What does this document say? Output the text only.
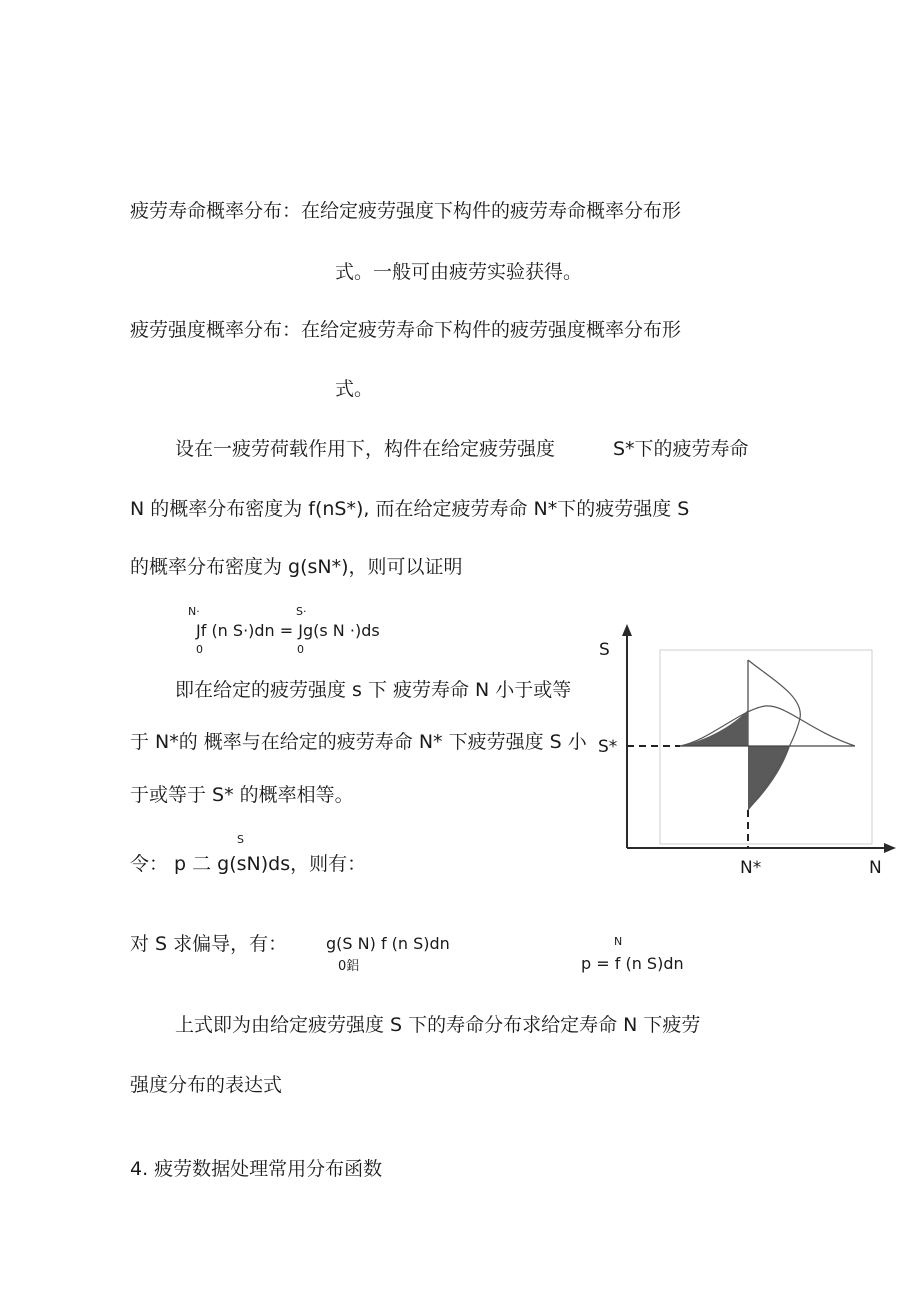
疲劳寿命概率分布：在给定疲劳强度下构件的疲劳寿命概率分布形
式。一般可由疲劳实验获得。
疲劳强度概率分布：在给定疲劳寿命下构件的疲劳强度概率分布形
式。
设在一疲劳荷载作用下，构件在给定疲劳强度	S*下的疲劳寿命
N 的概率分布密度为 f(nS*), 而在给定疲劳寿命 N*下的疲劳强度 S
的概率分布密度为 g(sN*)，则可以证明
N·	S·
Jf (n S·)dn = Jg(s N ·)ds
0	0
即在给定的疲劳强度 s 下 疲劳寿命 N 小于或等
于 N*的 概率与在给定的疲劳寿命 N* 下疲劳强度 S 小
于或等于 S* 的概率相等。
S
令： p 二 g(sN)ds，则有：
对 S 求偏导，有： g(S N) f (n S)dn
0鋁
N
p = f (n S)dn
上式即为由给定疲劳强度 S 下的寿命分布求给定寿命 N 下疲劳
强度分布的表达式
4. 疲劳数据处理常用分布函数
S
S*
N*	N
